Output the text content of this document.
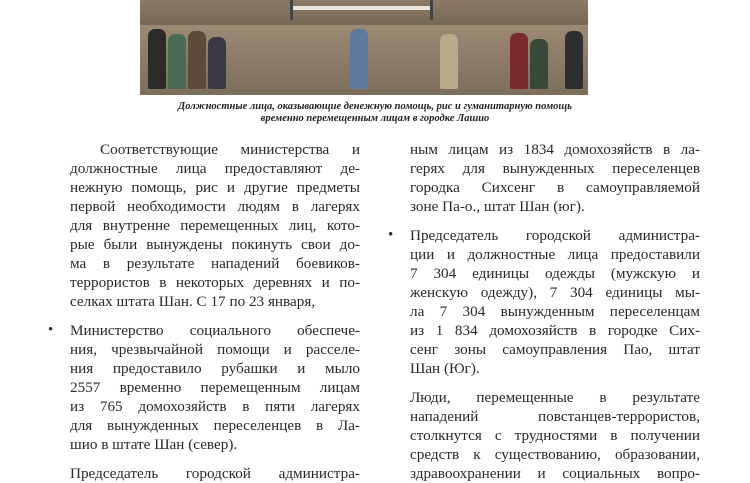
Должностные лица, оказывающие денежную помощь, рис и гуманитарную помощь
временно перемещенным лицам в городке Лашио
Соответствующие министерства и
должностные лица предоставляют де-
нежную помощь, рис и другие предметы
первой необходимости людям в лагерях
для внутренне перемещенных лиц, кото-
рые были вынуждены покинуть свои до-
ма в результате нападений боевиков-
террористов в некоторых деревнях и по-
селках штата Шан. С 17 по 23 января,
• Министерство социального обеспече-
ния, чрезвычайной помощи и расселе-
ния предоставило рубашки и мыло
2557 временно перемещенным лицам
из 765 домохозяйств в пяти лагерях
для вынужденных переселенцев в Ла-
шио в штате Шан (север).
Председатель городской администра-
ным лицам из 1834 домохозяйств в ла-
герях для вынужденных переселенцев
городка Сихсенг в самоуправляемой
зоне Па-о., штат Шан (юг).
• Председатель городской администра-
ции и должностные лица предоставили
7 304 единицы одежды (мужскую и
женскую одежду), 7 304 единицы мы-
ла 7 304 вынужденным переселенцам
из 1 834 домохозяйств в городке Сих-
сенг зоны самоуправления Пао, штат
Шан (Юг).
Люди, перемещенные в результате
нападений повстанцев-террористов,
столкнутся с трудностями в получении
средств к существованию, образовании,
здравоохранении и социальных вопро-
